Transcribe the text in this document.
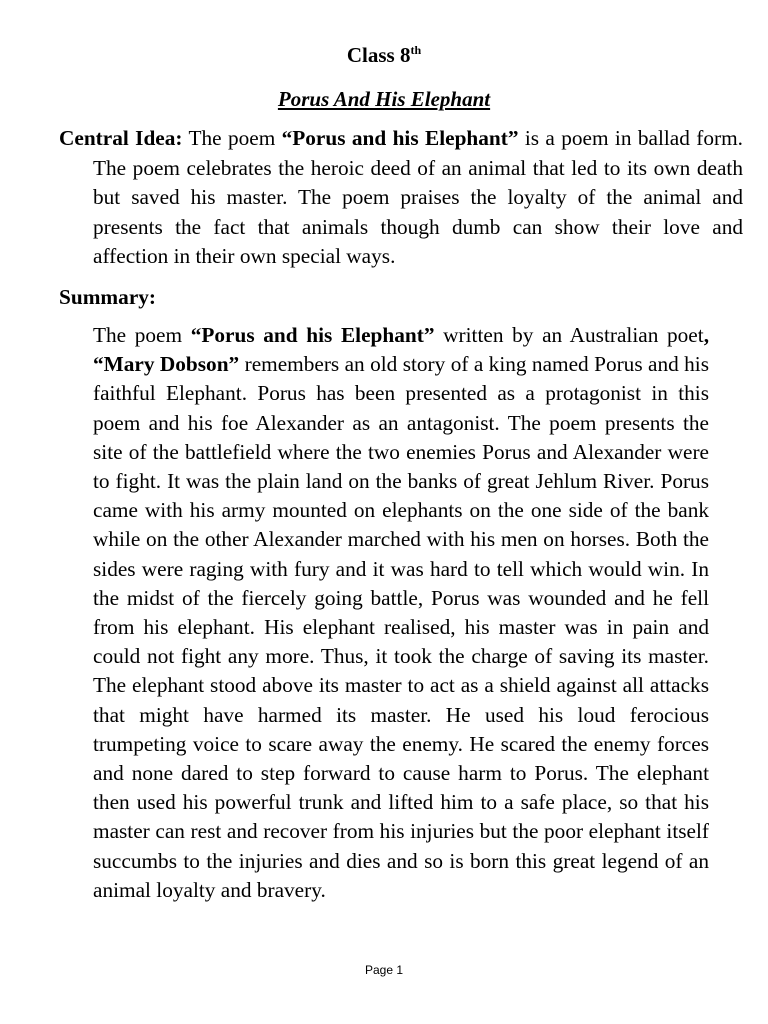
Class 8th
Porus And His Elephant
Central Idea: The poem “Porus and his Elephant” is a poem in ballad form. The poem celebrates the heroic deed of an animal that led to its own death but saved his master. The poem praises the loyalty of the animal and presents the fact that animals though dumb can show their love and affection in their own special ways.
Summary:
The poem “Porus and his Elephant” written by an Australian poet, “Mary Dobson” remembers an old story of a king named Porus and his faithful Elephant. Porus has been presented as a protagonist in this poem and his foe Alexander as an antagonist. The poem presents the site of the battlefield where the two enemies Porus and Alexander were to fight. It was the plain land on the banks of great Jehlum River. Porus came with his army mounted on elephants on the one side of the bank while on the other Alexander marched with his men on horses. Both the sides were raging with fury and it was hard to tell which would win. In the midst of the fiercely going battle, Porus was wounded and he fell from his elephant. His elephant realised, his master was in pain and could not fight any more. Thus, it took the charge of saving its master. The elephant stood above its master to act as a shield against all attacks that might have harmed its master. He used his loud ferocious trumpeting voice to scare away the enemy. He scared the enemy forces and none dared to step forward to cause harm to Porus. The elephant then used his powerful trunk and lifted him to a safe place, so that his master can rest and recover from his injuries but the poor elephant itself succumbs to the injuries and dies and so is born this great legend of an animal loyalty and bravery.
Page 1
